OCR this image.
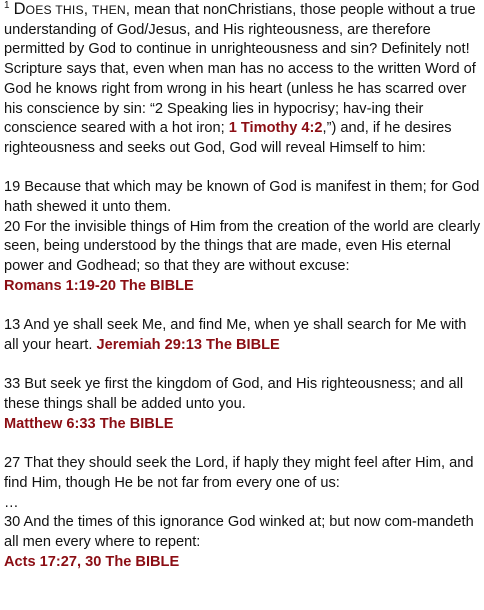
$^1$ DOES THIS, THEN, mean that nonChristians, those people without a true understanding of God/Jesus, and His righteousness, are therefore permitted by God to continue in unrighteousness and sin? Definitely not! Scripture says that, even when man has no access to the written Word of God he knows right from wrong in his heart (unless he has scarred over his conscience by sin: “2 Speaking lies in hypocrisy; hav-ing their conscience seared with a hot iron; 1 Timothy 4:2,”) and, if he desires righteousness and seeks out God, God will reveal Himself to him:

19 Because that which may be known of God is manifest in them; for God hath shewed it unto them.

20 For the invisible things of Him from the creation of the world are clearly seen, being understood by the things that are made, even His eternal power and Godhead; so that they are without excuse:

Romans 1:19-20 The BIBLE

13 And ye shall seek Me, and find Me, when ye shall search for Me with all your heart. Jeremiah 29:13 The BIBLE

33 But seek ye first the kingdom of God, and His righteousness; and all these things shall be added unto you.

Matthew 6:33 The BIBLE

27 That they should seek the Lord, if haply they might feel after Him, and find Him, though He be not far from every one of us:

…

30 And the times of this ignorance God winked at; but now com-mandeth all men every where to repent:

Acts 17:27, 30 The BIBLE
